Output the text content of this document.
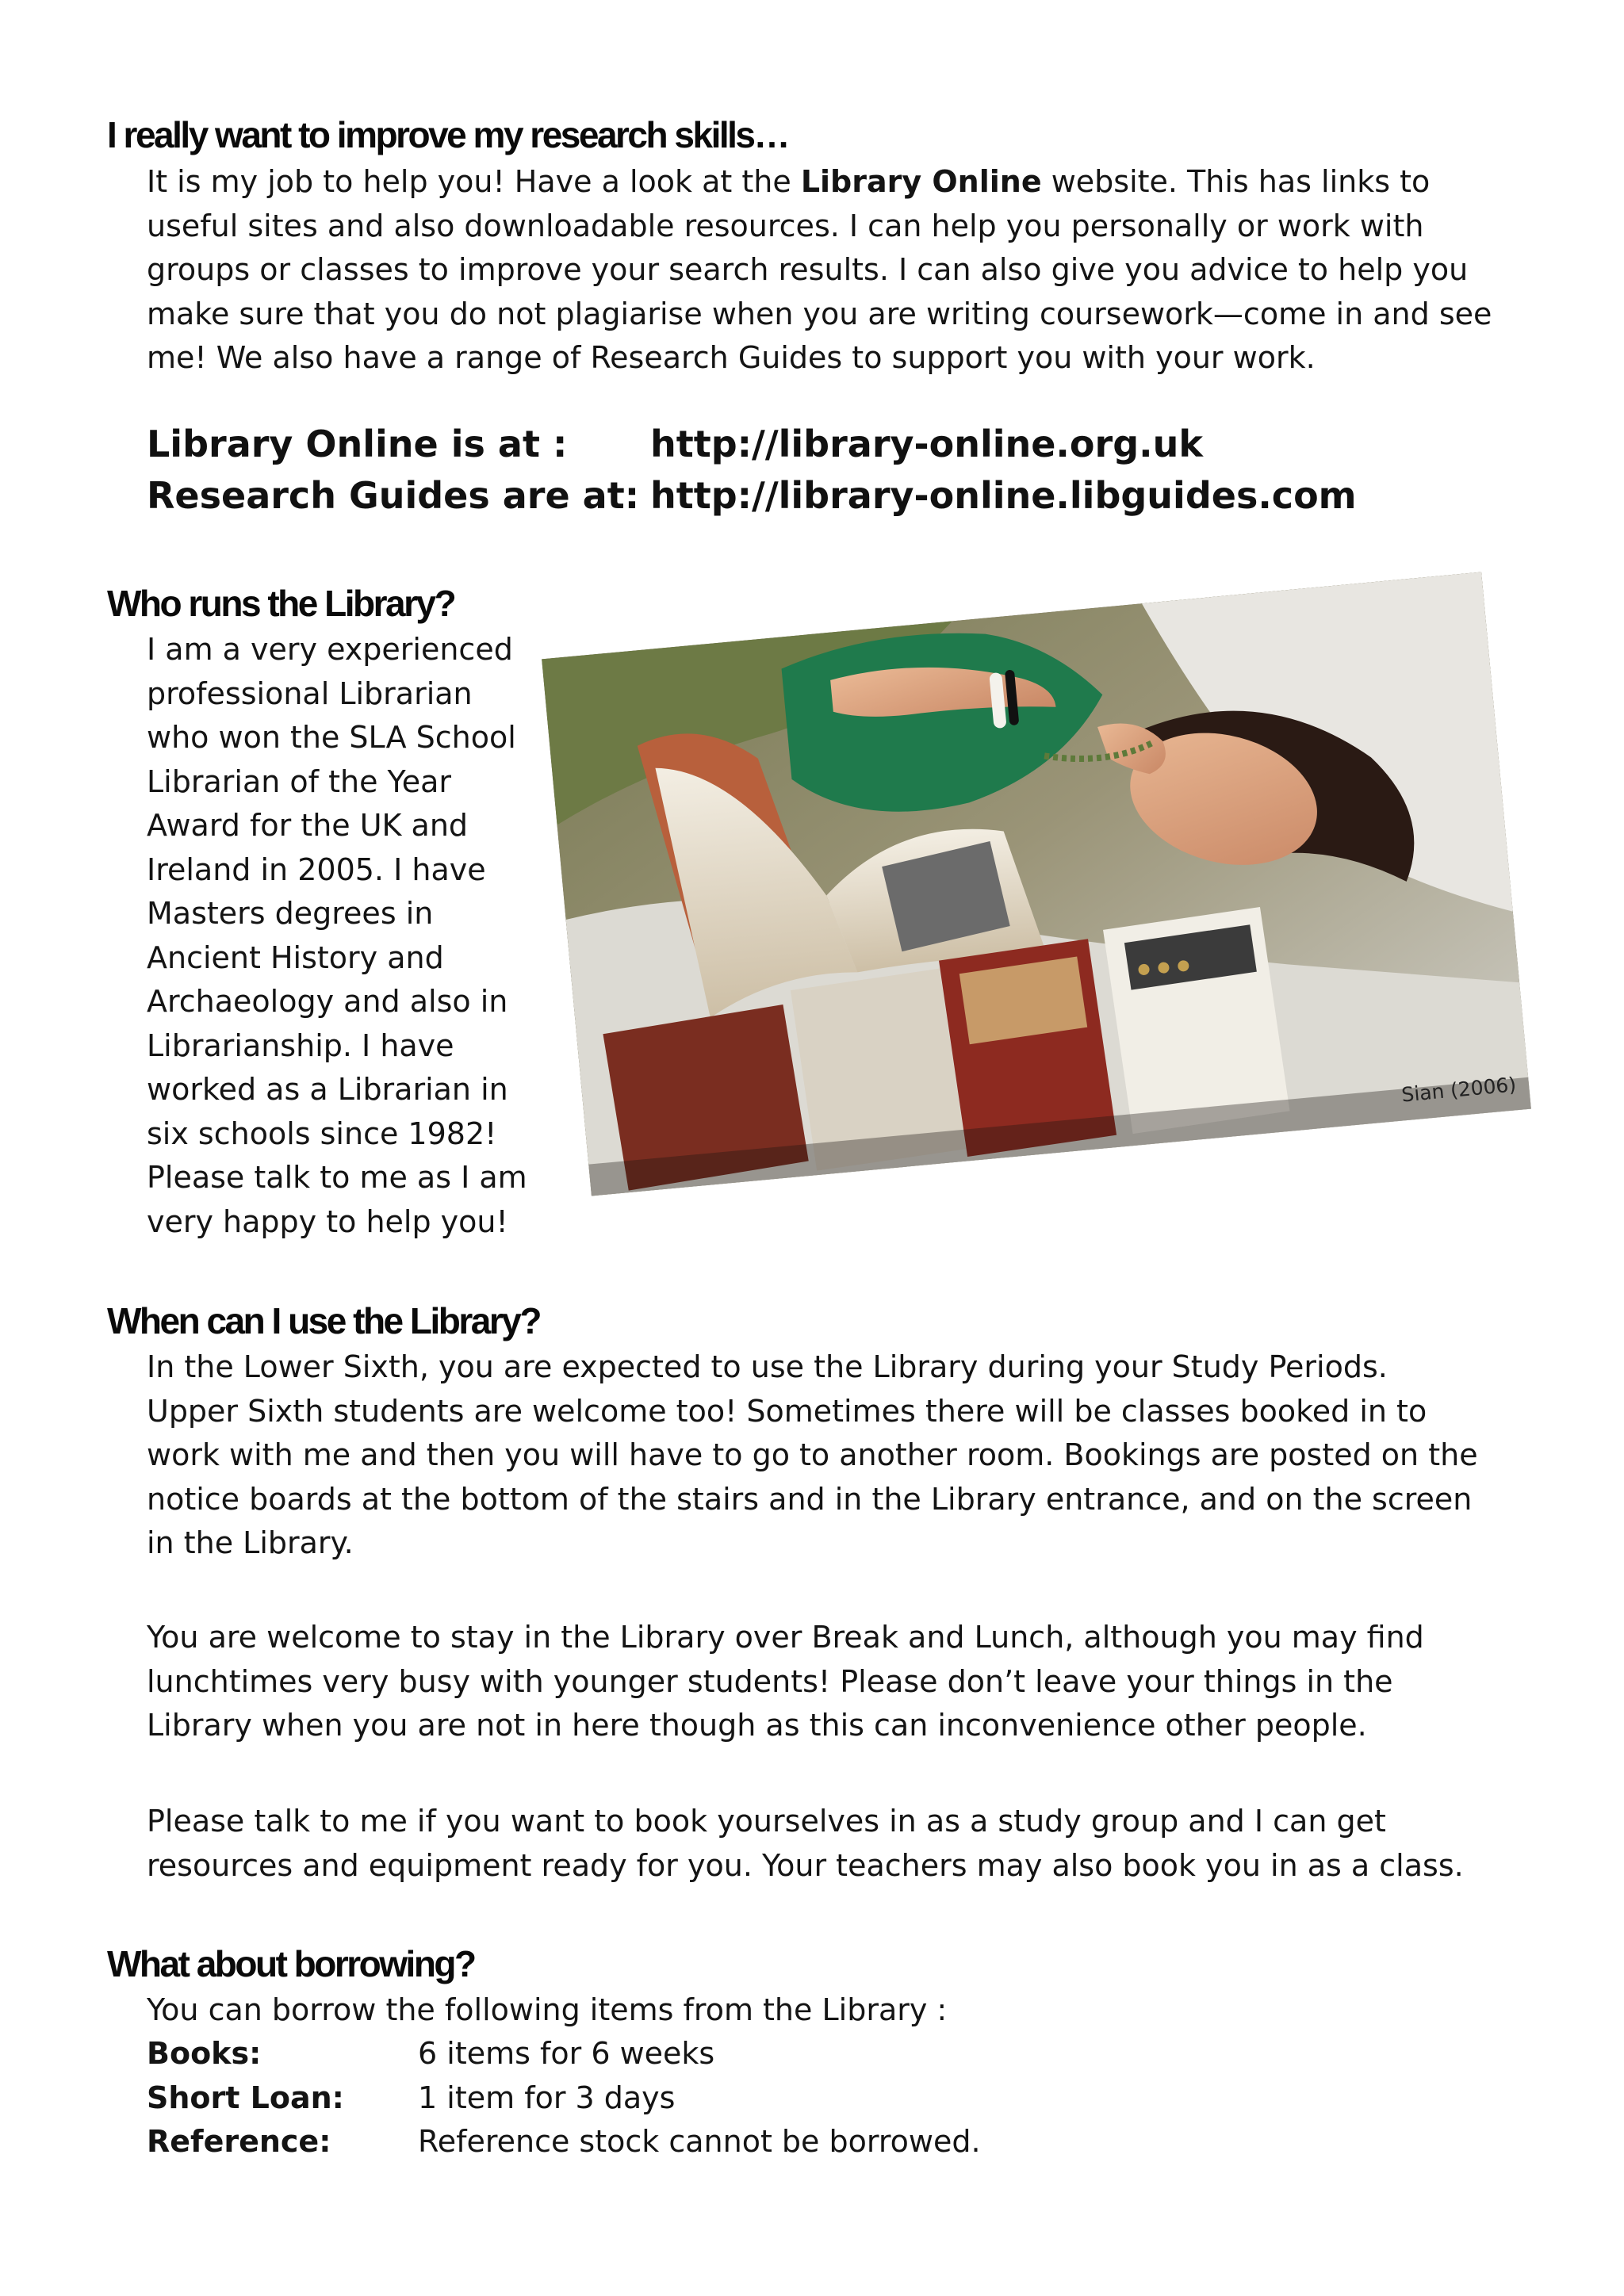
I really want to improve my research skills…
It is my job to help you! Have a look at the Library Online website. This has links to
useful sites and also downloadable resources. I can help you personally or work with
groups or classes to improve your search results. I can also give you advice to help you
make sure that you do not plagiarise when you are writing coursework—come in and see
me! We also have a range of Research Guides to support you with your work.
Library Online is at :	http://library-online.org.uk
Research Guides are at: http://library-online.libguides.com
Who runs the Library?
I am a very experienced
professional Librarian
who won the SLA School
Librarian of the Year
Award for the UK and
Ireland in 2005. I have
Masters degrees in
Ancient History and
Archaeology and also in
Librarianship. I have
worked as a Librarian in
six schools since 1982!
Please talk to me as I am
very happy to help you!
Sian (2006)
When can I use the Library?
In the Lower Sixth, you are expected to use the Library during your Study Periods.
Upper Sixth students are welcome too! Sometimes there will be classes booked in to
work with me and then you will have to go to another room. Bookings are posted on the
notice boards at the bottom of the stairs and in the Library entrance, and on the screen
in the Library.
You are welcome to stay in the Library over Break and Lunch, although you may find
lunchtimes very busy with younger students! Please don’t leave your things in the
Library when you are not in here though as this can inconvenience other people.
Please talk to me if you want to book yourselves in as a study group and I can get
resources and equipment ready for you. Your teachers may also book you in as a class.
What about borrowing?
You can borrow the following items from the Library :
Books:	6 items for 6 weeks
Short Loan:	1 item for 3 days
Reference:	Reference stock cannot be borrowed.
